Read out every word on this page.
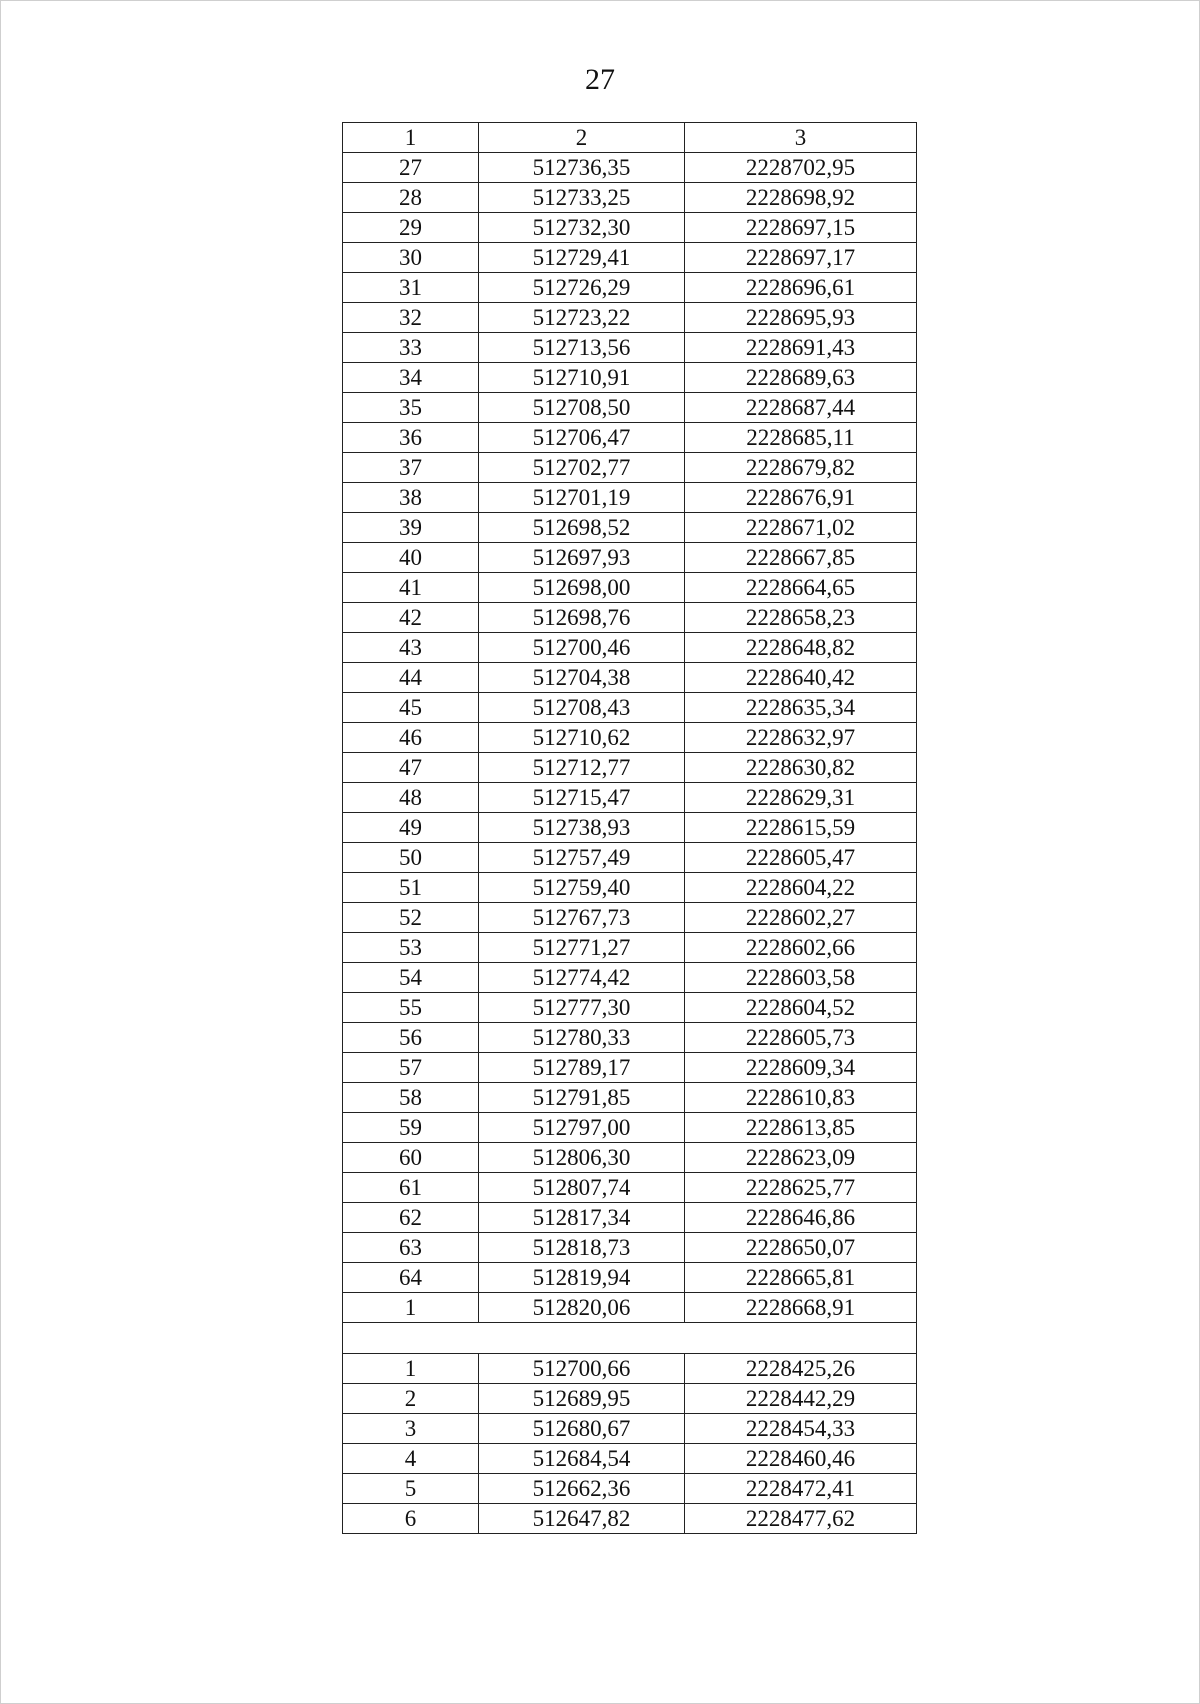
27
1	2	3
27	512736,35	2228702,95
28	512733,25	2228698,92
29	512732,30	2228697,15
30	512729,41	2228697,17
31	512726,29	2228696,61
32	512723,22	2228695,93
33	512713,56	2228691,43
34	512710,91	2228689,63
35	512708,50	2228687,44
36	512706,47	2228685,11
37	512702,77	2228679,82
38	512701,19	2228676,91
39	512698,52	2228671,02
40	512697,93	2228667,85
41	512698,00	2228664,65
42	512698,76	2228658,23
43	512700,46	2228648,82
44	512704,38	2228640,42
45	512708,43	2228635,34
46	512710,62	2228632,97
47	512712,77	2228630,82
48	512715,47	2228629,31
49	512738,93	2228615,59
50	512757,49	2228605,47
51	512759,40	2228604,22
52	512767,73	2228602,27
53	512771,27	2228602,66
54	512774,42	2228603,58
55	512777,30	2228604,52
56	512780,33	2228605,73
57	512789,17	2228609,34
58	512791,85	2228610,83
59	512797,00	2228613,85
60	512806,30	2228623,09
61	512807,74	2228625,77
62	512817,34	2228646,86
63	512818,73	2228650,07
64	512819,94	2228665,81
1	512820,06	2228668,91

1	512700,66	2228425,26
2	512689,95	2228442,29
3	512680,67	2228454,33
4	512684,54	2228460,46
5	512662,36	2228472,41
6	512647,82	2228477,62
